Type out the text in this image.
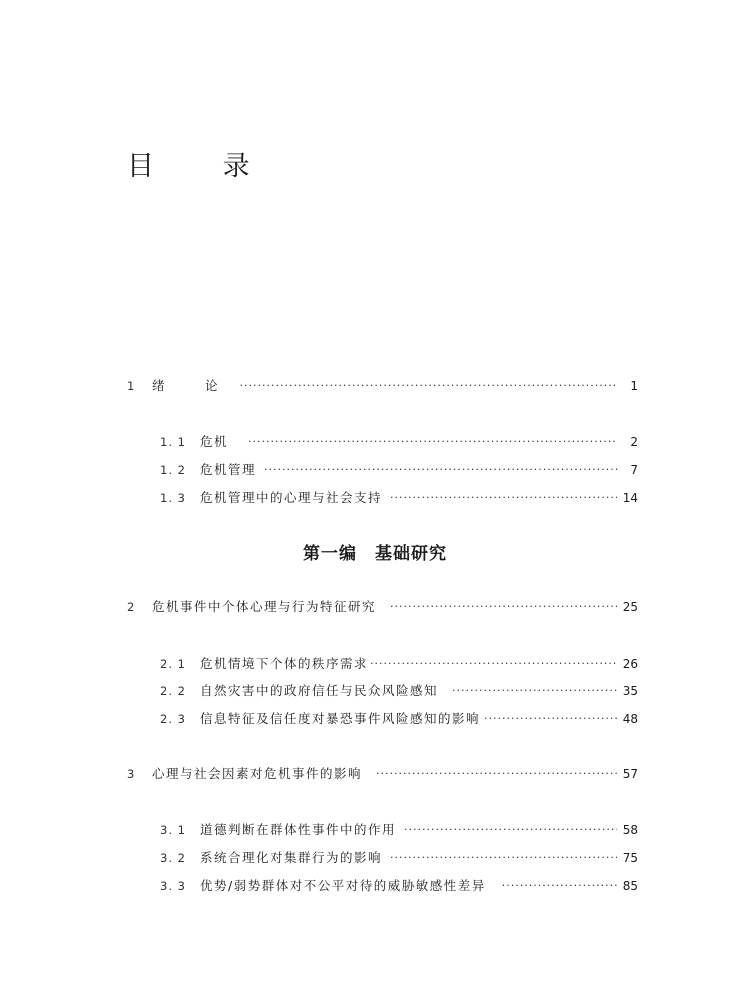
目 录
1	绪　论 ·····	1
1. 1	危机 ·····	2
1. 2	危机管理 ·····	7
1. 3	危机管理中的心理与社会支持 ·····	14
第一编 基础研究
2	危机事件中个体心理与行为特征研究 ·····	25
2. 1	危机情境下个体的秩序需求 ·····	26
2. 2	自然灾害中的政府信任与民众风险感知 ·····	35
2. 3	信息特征及信任度对暴恐事件风险感知的影响 ·····	48
3	心理与社会因素对危机事件的影响 ·····	57
3. 1	道德判断在群体性事件中的作用 ·····	58
3. 2	系统合理化对集群行为的影响 ·····	75
3. 3	优势/弱势群体对不公平对待的威胁敏感性差异 ·····	85
